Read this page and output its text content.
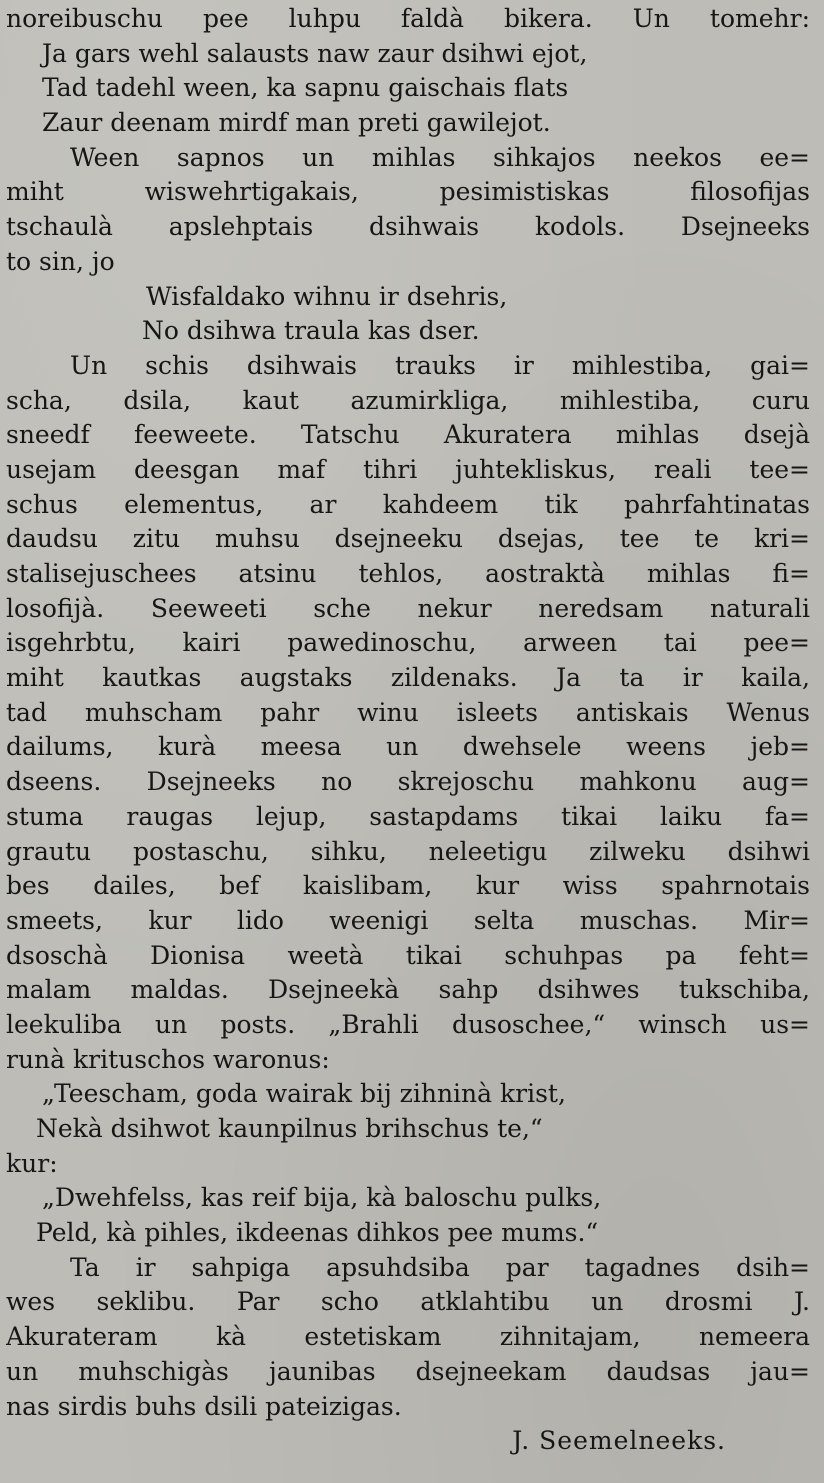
noreibuschu pee luhpu faldà bikera. Un tomehr:
Ja gars wehl salausts naw zaur dsihwi ejot,
Tad tadehl ween, ka sapnu gaischais flats
Zaur deenam mirdf man preti gawilejot.
Ween sapnos un mihlas sihkajos neekos ee=
miht wiswehrtigakais, pesimistiskas filosofijas
tschaulà apslehptais dsihwais kodols. Dsejneeks
to sin, jo
Wisfaldako wihnu ir dsehris,
No dsihwa traula kas dser.
Un schis dsihwais trauks ir mihlestiba, gai=
scha, dsila, kaut azumirkliga, mihlestiba, curu
sneedf feeweete. Tatschu Akuratera mihlas dsejà
usejam deesgan maf tihri juhtekliskus, reali tee=
schus elementus, ar kahdeem tik pahrfahtinatas
daudsu zitu muhsu dsejneeku dsejas, tee te kri=
stalisejuschees atsinu tehlos, aostraktà mihlas fi=
losofijà. Seeweeti sche nekur neredsam naturali
isgehrbtu, kairi pawedinoschu, arween tai pee=
miht kautkas augstaks zildenaks. Ja ta ir kaila,
tad muhscham pahr winu isleets antiskais Wenus
dailums, kurà meesa un dwehsele weens jeb=
dseens. Dsejneeks no skrejoschu mahkonu aug=
stuma raugas lejup, sastapdams tikai laiku fa=
grautu postaschu, sihku, neleetigu zilweku dsihwi
bes dailes, bef kaislibam, kur wiss spahrnotais
smeets, kur lido weenigi selta muschas. Mir=
dsoschà Dionisa weetà tikai schuhpas pa feht=
malam maldas. Dsejneekà sahp dsihwes tukschiba,
leekuliba un posts. „Brahli dusoschee,“ winsch us=
runà krituschos waronus:
„Teescham, goda wairak bij zihninà krist,
Nekà dsihwot kaunpilnus brihschus te,“
kur:
„Dwehfelss, kas reif bija, kà baloschu pulks,
Peld, kà pihles, ikdeenas dihkos pee mums.“
Ta ir sahpiga apsuhdsiba par tagadnes dsih=
wes seklibu. Par scho atklahtibu un drosmi J.
Akurateram kà estetiskam zihnitajam, nemeera
un muhschigàs jaunibas dsejneekam daudsas jau=
nas sirdis buhs dsili pateizigas.
J. Seemelneeks.
